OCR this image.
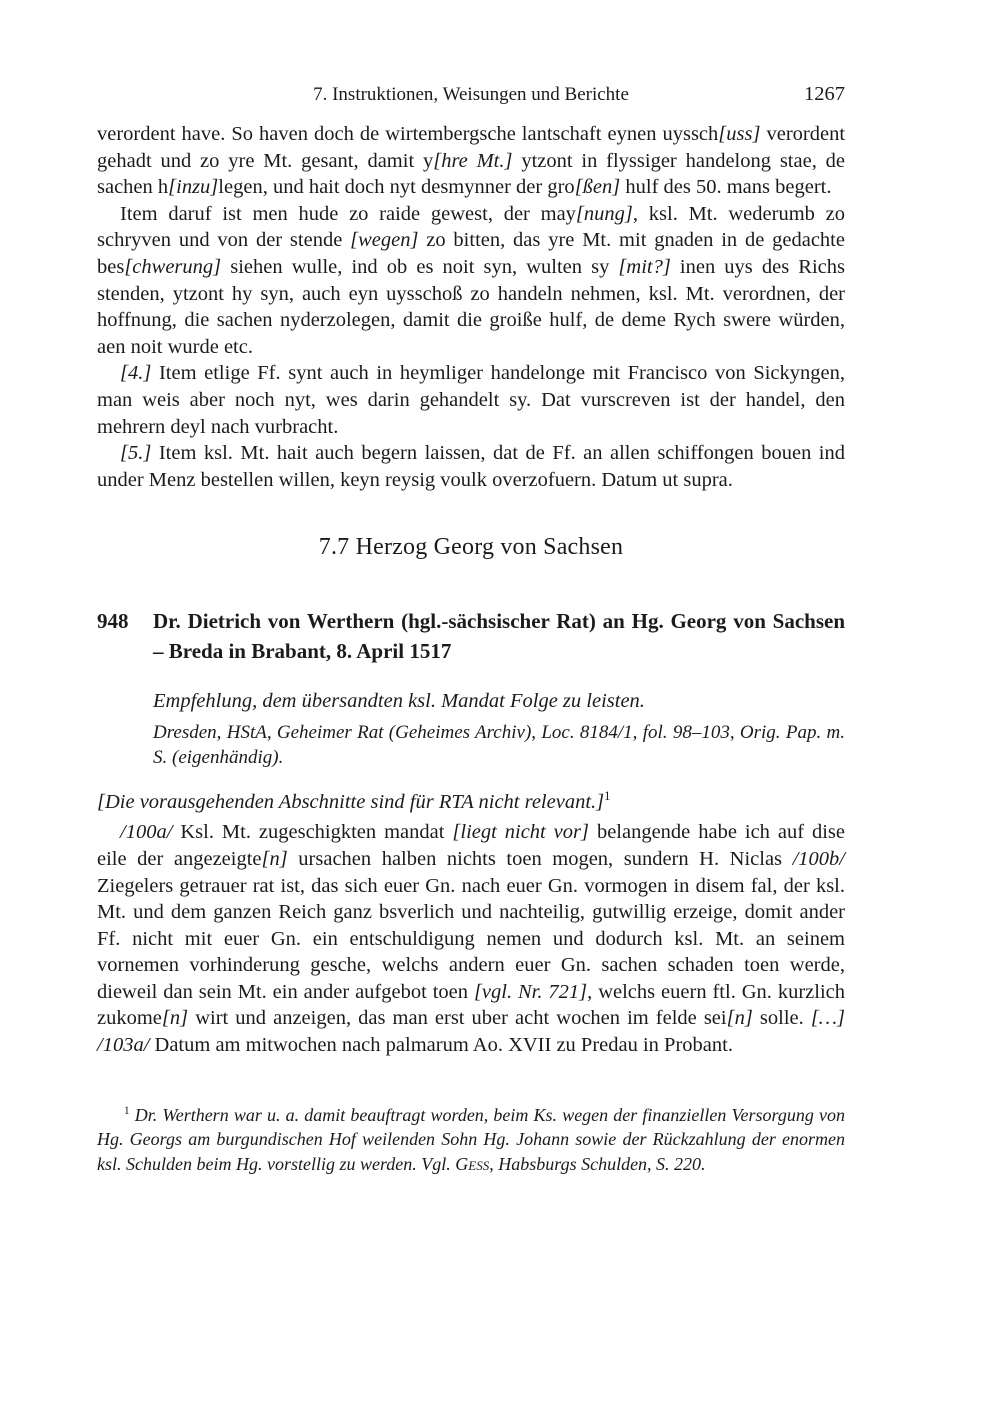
7. Instruktionen, Weisungen und Berichte	1267

verordent have. So haven doch de wirtembergsche lantschaft eynen uyssch[uss] verordent gehadt und zo yre Mt. gesant, damit y[hre Mt.] ytzont in flyssiger handelong stae, de sachen h[inzu]legen, und hait doch nyt desmynner der gro[ßen] hulf des 50. mans begert.

Item daruf ist men hude zo raide gewest, der may[nung], ksl. Mt. wederumb zo schryven und von der stende [wegen] zo bitten, das yre Mt. mit gnaden in de gedachte bes[chwerung] siehen wulle, ind ob es noit syn, wulten sy [mit?] inen uys des Richs stenden, ytzont hy syn, auch eyn uysschoß zo handeln nehmen, ksl. Mt. verordnen, der hoffnung, die sachen nyderzolegen, damit die groiße hulf, de deme Rych swere würden, aen noit wurde etc.

[4.] Item etlige Ff. synt auch in heymliger handelonge mit Francisco von Sickyngen, man weis aber noch nyt, wes darin gehandelt sy. Dat vurscreven ist der handel, den mehrern deyl nach vurbracht.

[5.] Item ksl. Mt. hait auch begern laissen, dat de Ff. an allen schiffongen bouen ind under Menz bestellen willen, keyn reysig voulk overzofuern. Datum ut supra.

7.7 Herzog Georg von Sachsen
948	Dr. Dietrich von Werthern (hgl.-sächsischer Rat) an Hg. Georg von Sachsen – Breda in Brabant, 8. April 1517

Empfehlung, dem übersandten ksl. Mandat Folge zu leisten.

Dresden, HStA, Geheimer Rat (Geheimes Archiv), Loc. 8184/1, fol. 98–103, Orig. Pap. m. S. (eigenhändig).

[Die vorausgehenden Abschnitte sind für RTA nicht relevant.]$^1$

/100a/ Ksl. Mt. zugeschigkten mandat [liegt nicht vor] belangende habe ich auf dise eile der angezeigte[n] ursachen halben nichts toen mogen, sundern H. Niclas /100b/ Ziegelers getrauer rat ist, das sich euer Gn. nach euer Gn. vormogen in disem fal, der ksl. Mt. und dem ganzen Reich ganz bsverlich und nachteilig, gutwillig erzeige, domit ander Ff. nicht mit euer Gn. ein entschuldigung nemen und dodurch ksl. Mt. an seinem vornemen vorhinderung gesche, welchs andern euer Gn. sachen schaden toen werde, dieweil dan sein Mt. ein ander aufgebot toen [vgl. Nr. 721], welchs euern ftl. Gn. kurzlich zukome[n] wirt und anzeigen, das man erst uber acht wochen im felde sei[n] solle. […] /103a/ Datum am mitwochen nach palmarum Ao. XVII zu Predau in Probant.

$^1$ Dr. Werthern war u. a. damit beauftragt worden, beim Ks. wegen der finanziellen Versorgung von Hg. Georgs am burgundischen Hof weilenden Sohn Hg. Johann sowie der Rückzahlung der enormen ksl. Schulden beim Hg. vorstellig zu werden. Vgl. Gess, Habsburgs Schulden, S. 220.
